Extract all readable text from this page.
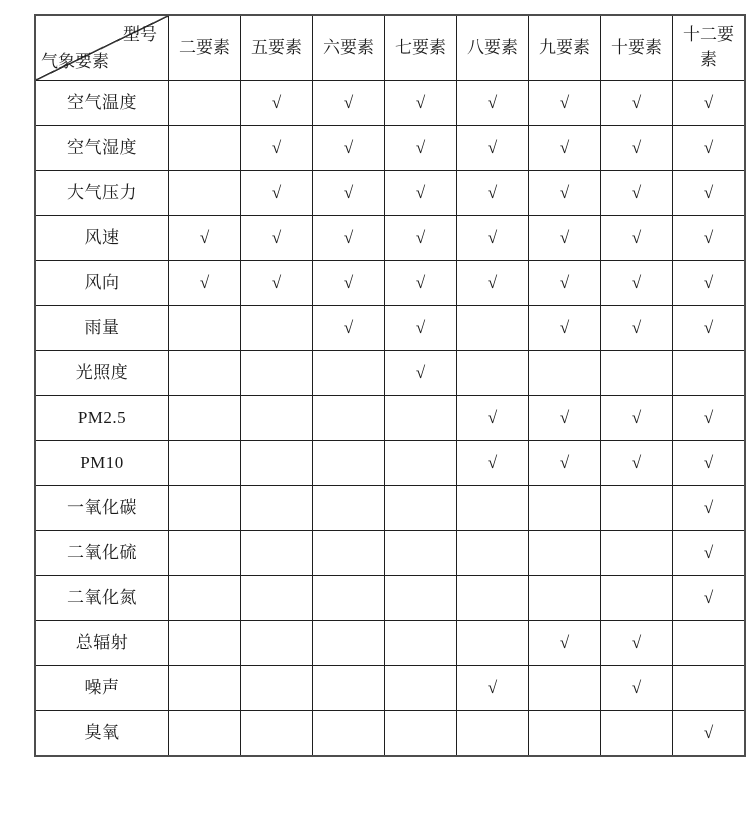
型号
气象要素	二要素	五要素	六要素	七要素	八要素	九要素	十要素	十二要素
空气温度		√	√	√	√	√	√	√
空气湿度		√	√	√	√	√	√	√
大气压力		√	√	√	√	√	√	√
风速	√	√	√	√	√	√	√	√
风向	√	√	√	√	√	√	√	√
雨量			√	√		√	√	√
光照度				√				
PM2.5					√	√	√	√
PM10					√	√	√	√
一氧化碳								√
二氧化硫								√
二氧化氮								√
总辐射						√	√	
噪声					√		√	
臭氧								√
